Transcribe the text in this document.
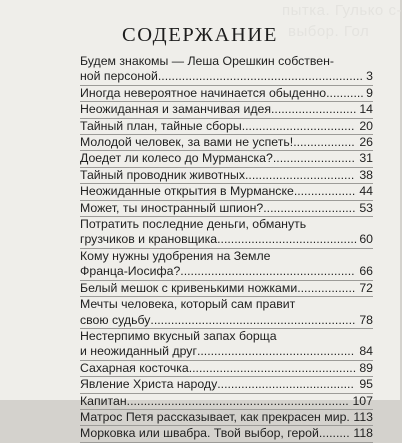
пытка. Гулько с-
выбор. Гол
СОДЕРЖАНИЕ
Будем знакомы — Леша Орешкин собствен-
ной персоной ............................................................ 3
Иногда невероятное начинается обыденно ........... 9
Неожиданная и заманчивая идея ......................... 14
Тайный план, тайные сборы ................................. 20
Молодой человек, за вами не успеть! .................. 26
Доедет ли колесо до Мурманска? ........................ 31
Тайный проводник животных ................................ 38
Неожиданные открытия в Мурманске .................. 44
Может, ты иностранный шпион? ........................... 53
Потратить последние деньги, обмануть
грузчиков и крановщика ......................................... 60
Кому нужны удобрения на Земле
Франца-Иосифа? ................................................... 66
Белый мешок с кривенькими ножками ................. 72
Мечты человека, который сам правит
свою судьбу ............................................................ 78
Нестерпимо вкусный запах борща
и неожиданный друг .............................................. 84
Сахарная косточка ................................................. 89
Явление Христа народу ........................................ 95
Капитан ................................................................. 107
Матрос Петя рассказывает, как прекрасен мир . 113
Морковка или швабра. Твой выбор, герой ......... 118
